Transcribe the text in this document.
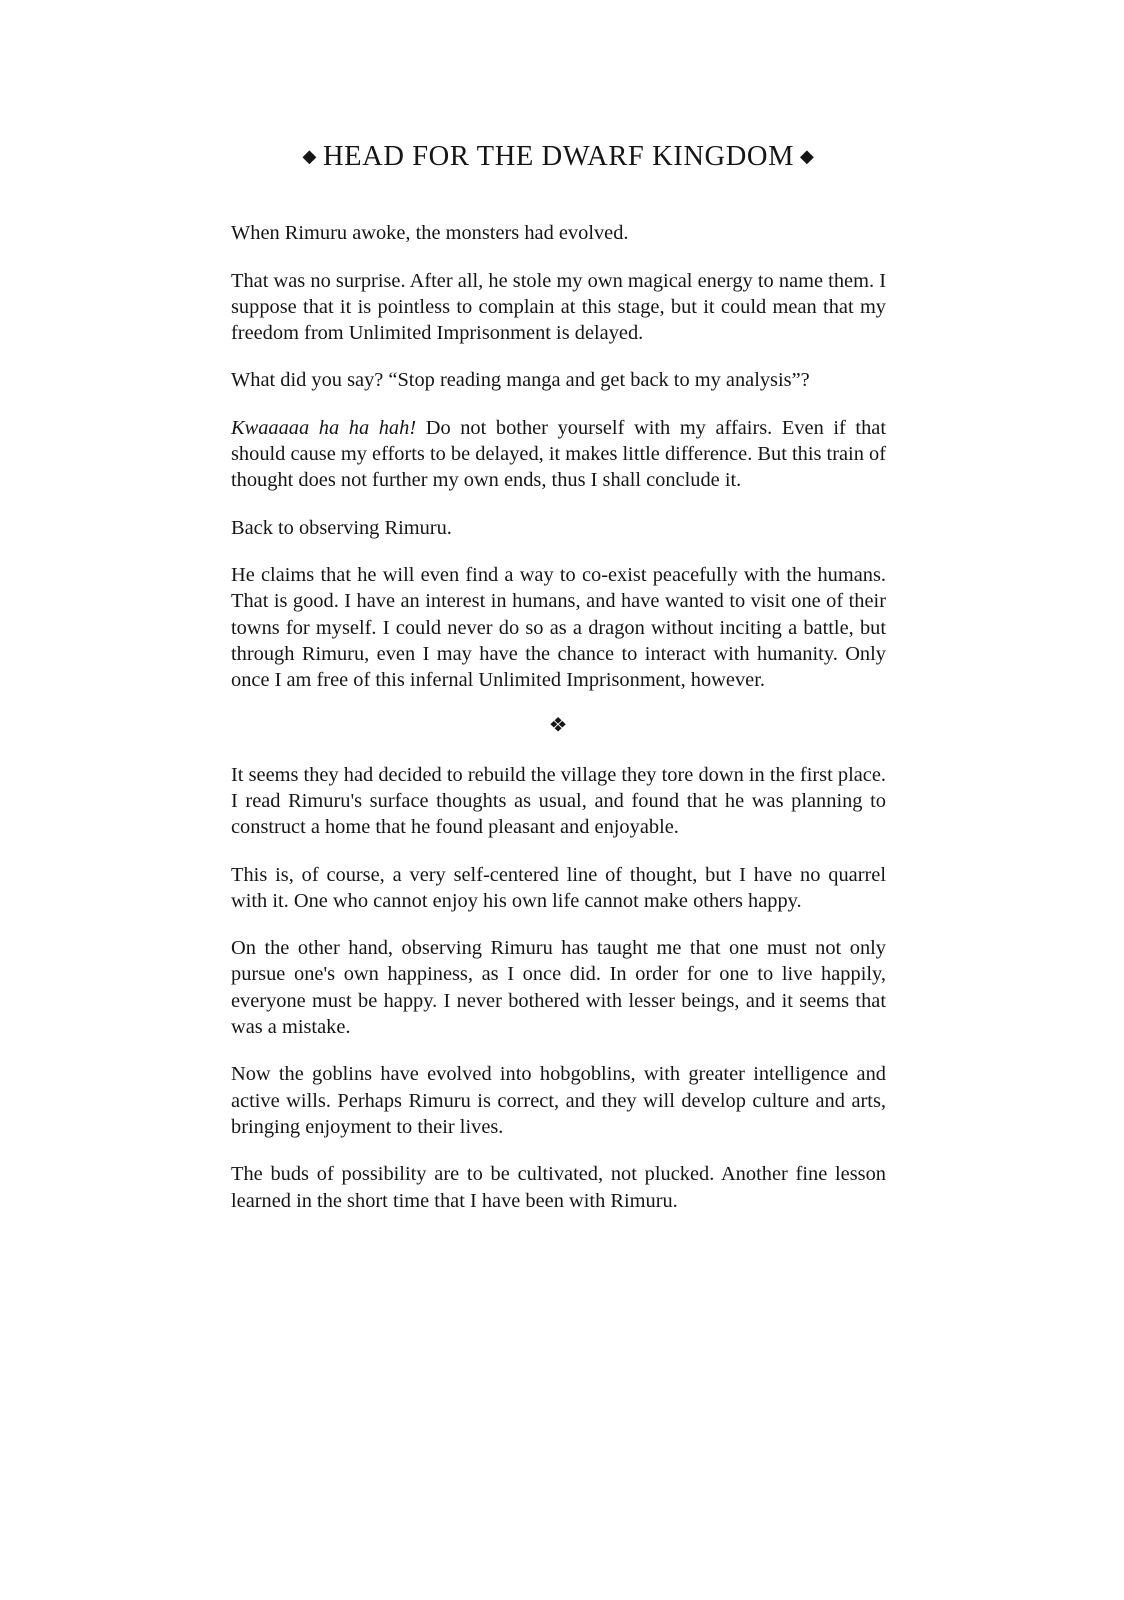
◆ HEAD FOR THE DWARF KINGDOM ◆

When Rimuru awoke, the monsters had evolved.

That was no surprise. After all, he stole my own magical energy to name them. I suppose that it is pointless to complain at this stage, but it could mean that my freedom from Unlimited Imprisonment is delayed.

What did you say? “Stop reading manga and get back to my analysis”?

Kwaaaaa ha ha hah! Do not bother yourself with my affairs. Even if that should cause my efforts to be delayed, it makes little difference. But this train of thought does not further my own ends, thus I shall conclude it.

Back to observing Rimuru.

He claims that he will even find a way to co-exist peacefully with the humans. That is good. I have an interest in humans, and have wanted to visit one of their towns for myself. I could never do so as a dragon without inciting a battle, but through Rimuru, even I may have the chance to interact with humanity. Only once I am free of this infernal Unlimited Imprisonment, however.

❖

It seems they had decided to rebuild the village they tore down in the first place. I read Rimuru's surface thoughts as usual, and found that he was planning to construct a home that he found pleasant and enjoyable.

This is, of course, a very self-centered line of thought, but I have no quarrel with it. One who cannot enjoy his own life cannot make others happy.

On the other hand, observing Rimuru has taught me that one must not only pursue one's own happiness, as I once did. In order for one to live happily, everyone must be happy. I never bothered with lesser beings, and it seems that was a mistake.

Now the goblins have evolved into hobgoblins, with greater intelligence and active wills. Perhaps Rimuru is correct, and they will develop culture and arts, bringing enjoyment to their lives.

The buds of possibility are to be cultivated, not plucked. Another fine lesson learned in the short time that I have been with Rimuru.
